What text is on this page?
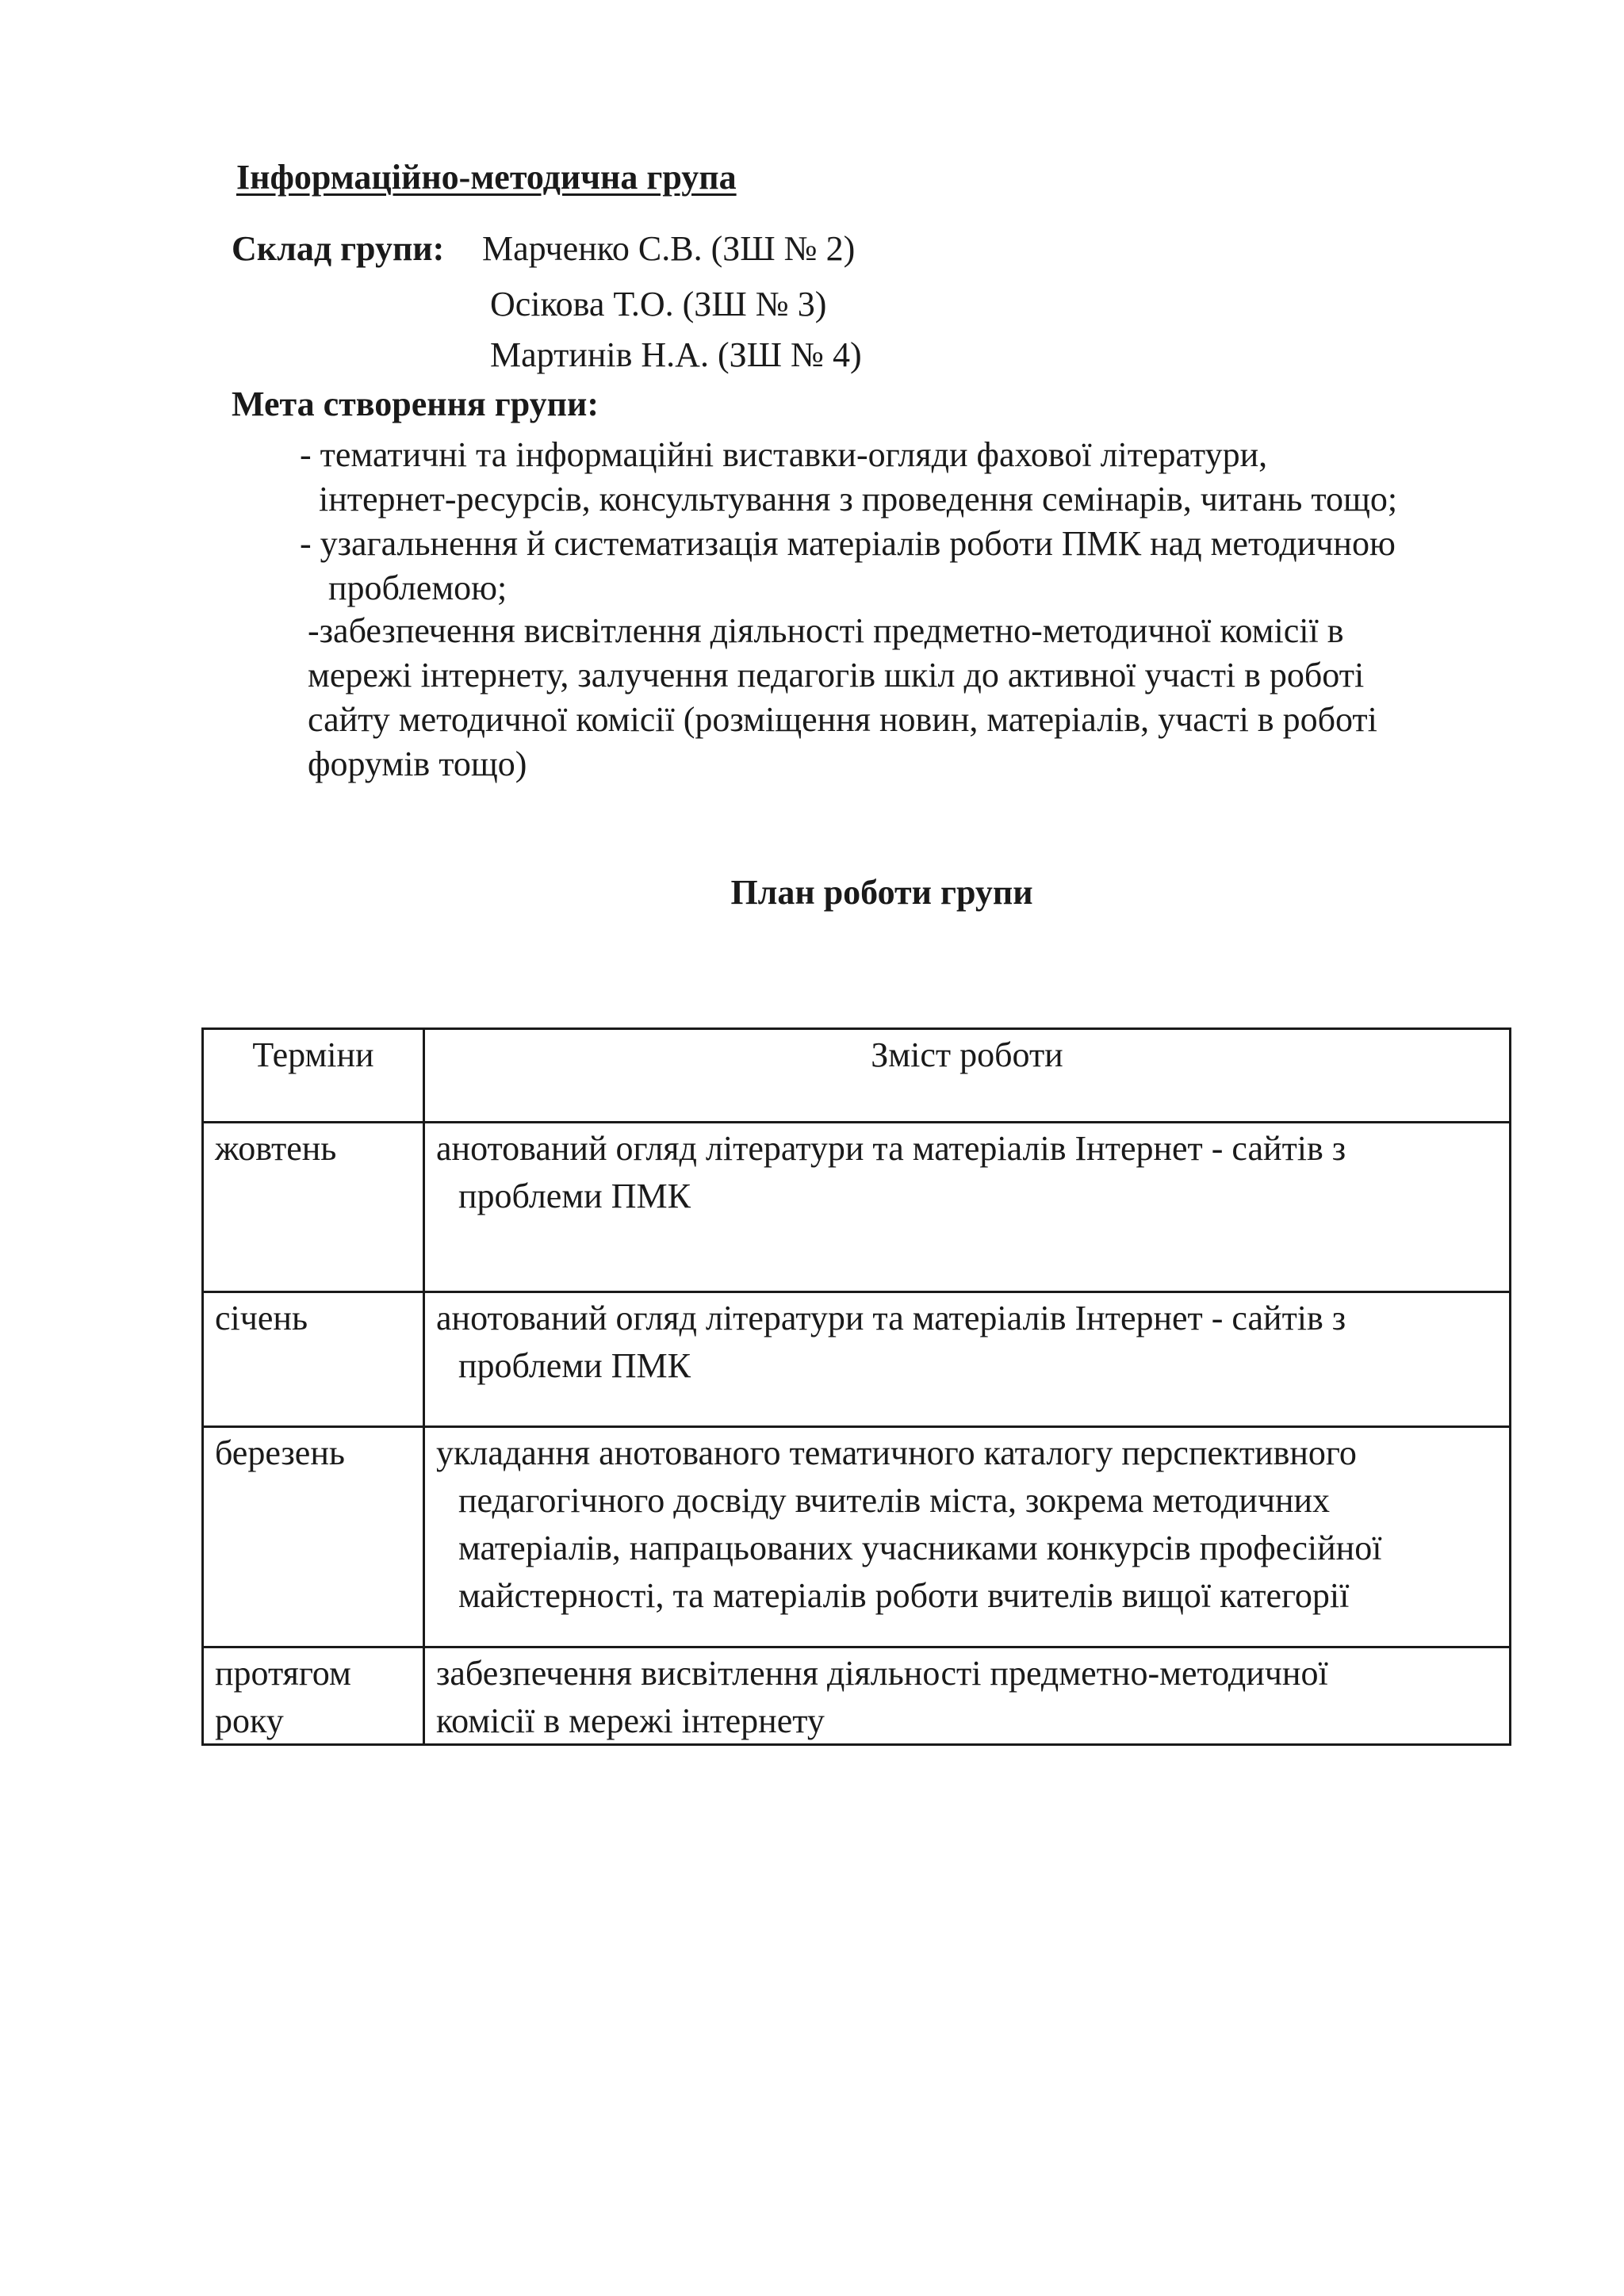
Інформаційно-методична група
Склад групи: Марченко С.В. (ЗШ № 2)
Осікова Т.О. (ЗШ № 3)
Мартинів Н.А. (ЗШ № 4)
Мета створення групи:
- тематичні та інформаційні виставки-огляди фахової літератури,
інтернет-ресурсів, консультування з проведення семінарів, читань тощо;
- узагальнення й систематизація матеріалів роботи ПМК над методичною
проблемою;
-забезпечення висвітлення діяльності предметно-методичної комісії в
мережі інтернету, залучення педагогів шкіл до активної участі в роботі
сайту методичної комісії (розміщення новин, матеріалів, участі в роботі
форумів тощо)
План роботи групи
Терміни	Зміст роботи

жовтень	анотований огляд літератури та матеріалів Інтернет - сайтів з
проблеми ПМК

січень	анотований огляд літератури та матеріалів Інтернет - сайтів з
проблеми ПМК

березень	укладання анотованого тематичного каталогу перспективного
педагогічного досвіду вчителів міста, зокрема методичних
матеріалів, напрацьованих учасниками конкурсів професійної
майстерності, та матеріалів роботи вчителів вищої категорії

протягом
року	забезпечення висвітлення діяльності предметно-методичної
комісії в мережі інтернету
